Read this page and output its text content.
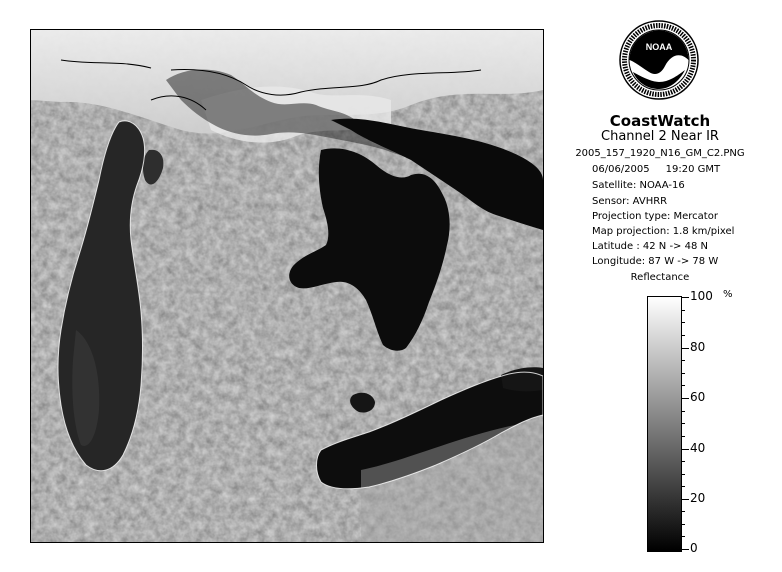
NOAA
CoastWatch
Channel 2 Near IR
2005_157_1920_N16_GM_C2.PNG
06/06/2005 19:20 GMT
Satellite: NOAA-16
Sensor: AVHRR
Projection type: Mercator
Map projection: 1.8 km/pixel
Latitude : 42 N -> 48 N
Longitude: 87 W -> 78 W
Reflectance
%
100
80
60
40
20
0
